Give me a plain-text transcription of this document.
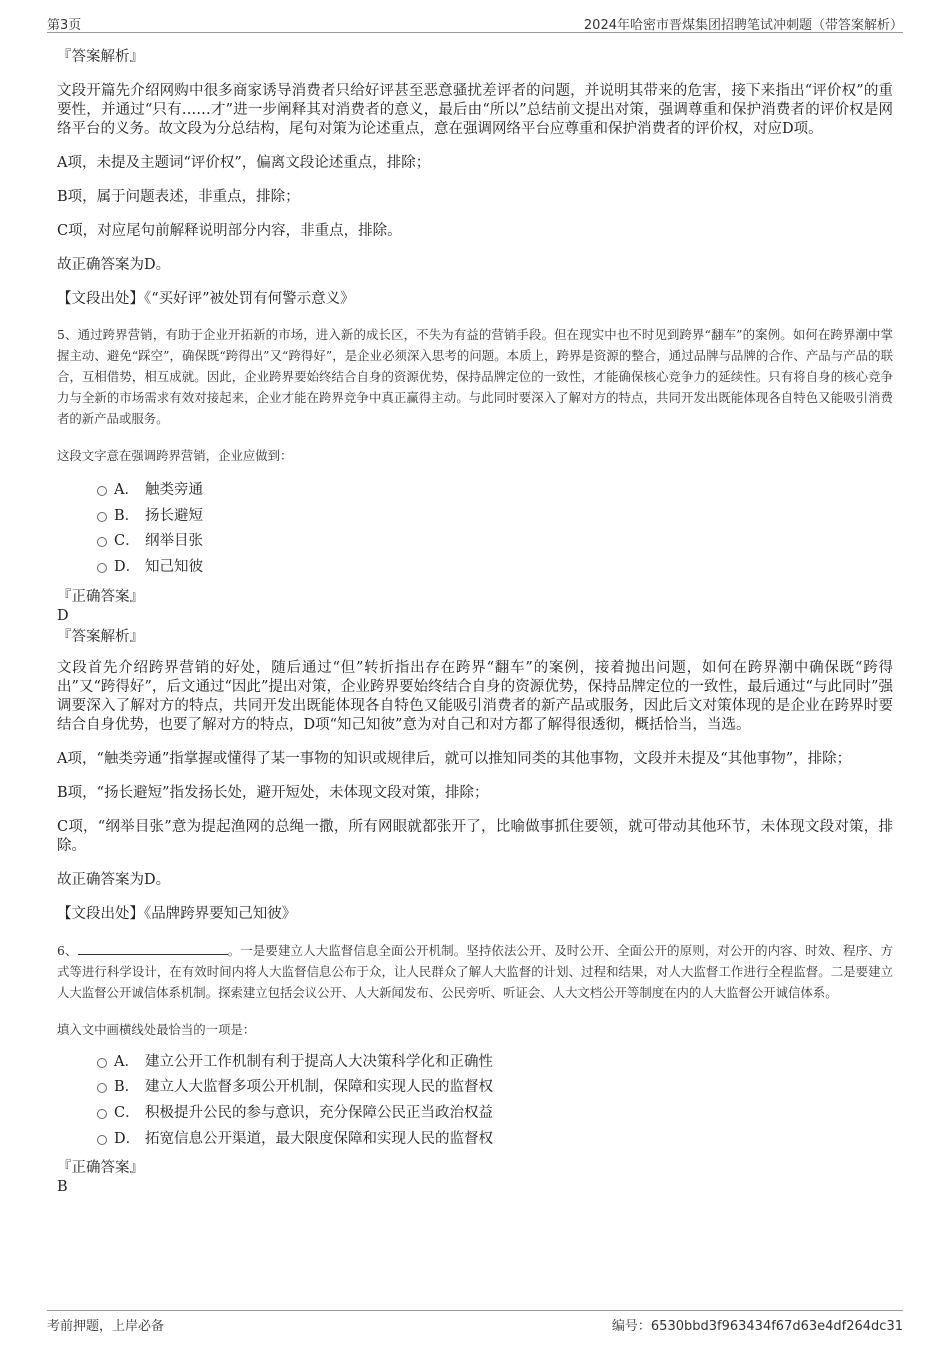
第3页	2024年哈密市晋煤集团招聘笔试冲刺题（带答案解析）
『答案解析』

文段开篇先介绍网购中很多商家诱导消费者只给好评甚至恶意骚扰差评者的问题，并说明其带来的危害，接下来指出“评价权”的重要性，并通过“只有……才”进一步阐释其对消费者的意义，最后由“所以”总结前文提出对策，强调尊重和保护消费者的评价权是网络平台的义务。故文段为分总结构，尾句对策为论述重点，意在强调网络平台应尊重和保护消费者的评价权，对应D项。

A项，未提及主题词“评价权”，偏离文段论述重点，排除；

B项，属于问题表述，非重点，排除；

C项，对应尾句前解释说明部分内容，非重点，排除。

故正确答案为D。

【文段出处】《“买好评”被处罚有何警示意义》

5、通过跨界营销，有助于企业开拓新的市场，进入新的成长区，不失为有益的营销手段。但在现实中也不时见到跨界“翻车”的案例。如何在跨界潮中掌握主动、避免“踩空”，确保既“跨得出”又“跨得好”，是企业必须深入思考的问题。本质上，跨界是资源的整合，通过品牌与品牌的合作、产品与产品的联合，互相借势，相互成就。因此，企业跨界要始终结合自身的资源优势，保持品牌定位的一致性，才能确保核心竞争力的延续性。只有将自身的核心竞争力与全新的市场需求有效对接起来，企业才能在跨界竞争中真正赢得主动。与此同时要深入了解对方的特点，共同开发出既能体现各自特色又能吸引消费者的新产品或服务。

这段文字意在强调跨界营销，企业应做到：

A． 触类旁通
B． 扬长避短
C． 纲举目张
D． 知己知彼
『正确答案』
D
『答案解析』

文段首先介绍跨界营销的好处，随后通过“但”转折指出存在跨界“翻车”的案例，接着抛出问题，如何在跨界潮中确保既“跨得出”又“跨得好”，后文通过“因此”提出对策，企业跨界要始终结合自身的资源优势，保持品牌定位的一致性，最后通过“与此同时”强调要深入了解对方的特点，共同开发出既能体现各自特色又能吸引消费者的新产品或服务，因此后文对策体现的是企业在跨界时要结合自身优势，也要了解对方的特点，D项“知己知彼”意为对自己和对方都了解得很透彻，概括恰当，当选。

A项，“触类旁通”指掌握或懂得了某一事物的知识或规律后，就可以推知同类的其他事物，文段并未提及“其他事物”，排除；

B项，“扬长避短”指发扬长处，避开短处，未体现文段对策，排除；

C项，“纲举目张”意为提起渔网的总绳一撒，所有网眼就都张开了，比喻做事抓住要领，就可带动其他环节，未体现文段对策，排除。

故正确答案为D。

【文段出处】《品牌跨界要知己知彼》

6、	。一是要建立人大监督信息全面公开机制。坚持依法公开、及时公开、全面公开的原则，对公开的内容、时效、程序、方式等进行科学设计，在有效时间内将人大监督信息公布于众，让人民群众了解人大监督的计划、过程和结果，对人大监督工作进行全程监督。二是要建立人大监督公开诚信体系机制。探索建立包括会议公开、人大新闻发布、公民旁听、听证会、人大文档公开等制度在内的人大监督公开诚信体系。

填入文中画横线处最恰当的一项是：

A． 建立公开工作机制有利于提高人大决策科学化和正确性
B． 建立人大监督多项公开机制，保障和实现人民的监督权
C． 积极提升公民的参与意识，充分保障公民正当政治权益
D． 拓宽信息公开渠道，最大限度保障和实现人民的监督权
『正确答案』
B
考前押题，上岸必备	编号：6530bbd3f963434f67d63e4df264dc31
